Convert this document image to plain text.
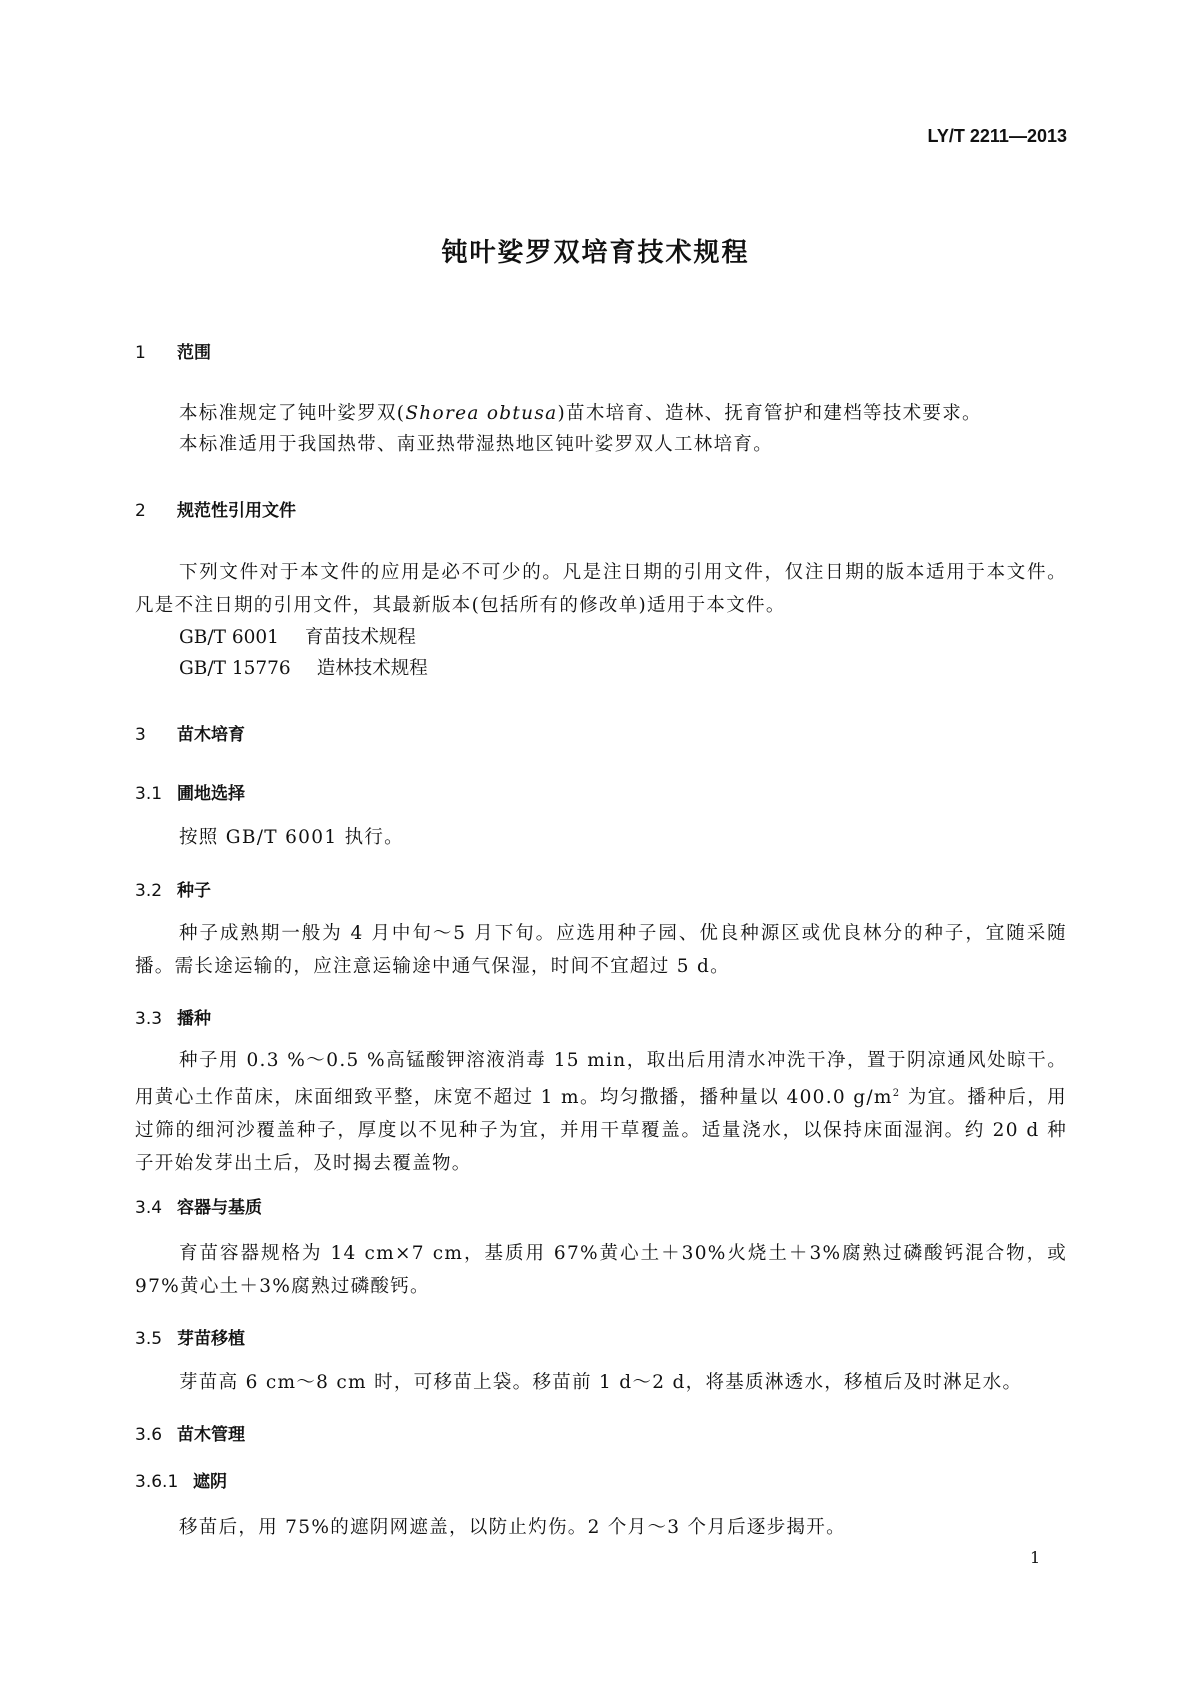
LY/T 2211—2013
钝叶娑罗双培育技术规程
1 范围
本标准规定了钝叶娑罗双(Shorea obtusa)苗木培育、造林、抚育管护和建档等技术要求。
本标准适用于我国热带、南亚热带湿热地区钝叶娑罗双人工林培育。
2 规范性引用文件
下列文件对于本文件的应用是必不可少的。凡是注日期的引用文件，仅注日期的版本适用于本文件。凡是不注日期的引用文件，其最新版本(包括所有的修改单)适用于本文件。
GB/T 6001 育苗技术规程
GB/T 15776 造林技术规程
3 苗木培育
3.1 圃地选择
按照 GB/T 6001 执行。
3.2 种子
种子成熟期一般为 4 月中旬～5 月下旬。应选用种子园、优良种源区或优良林分的种子，宜随采随播。需长途运输的，应注意运输途中通气保湿，时间不宜超过 5 d。
3.3 播种
种子用 0.3 %～0.5 %高锰酸钾溶液消毒 15 min，取出后用清水冲洗干净，置于阴凉通风处晾干。用黄心土作苗床，床面细致平整，床宽不超过 1 m。均匀撒播，播种量以 400.0 $g/m^2$ 为宜。播种后，用过筛的细河沙覆盖种子，厚度以不见种子为宜，并用干草覆盖。适量浇水，以保持床面湿润。约 20 d 种子开始发芽出土后，及时揭去覆盖物。
3.4 容器与基质
育苗容器规格为 14 cm×7 cm，基质用 67%黄心土＋30%火烧土＋3%腐熟过磷酸钙混合物，或 97%黄心土＋3%腐熟过磷酸钙。
3.5 芽苗移植
芽苗高 6 cm～8 cm 时，可移苗上袋。移苗前 1 d～2 d，将基质淋透水，移植后及时淋足水。
3.6 苗木管理
3.6.1 遮阴
移苗后，用 75%的遮阴网遮盖，以防止灼伤。2 个月～3 个月后逐步揭开。
1
